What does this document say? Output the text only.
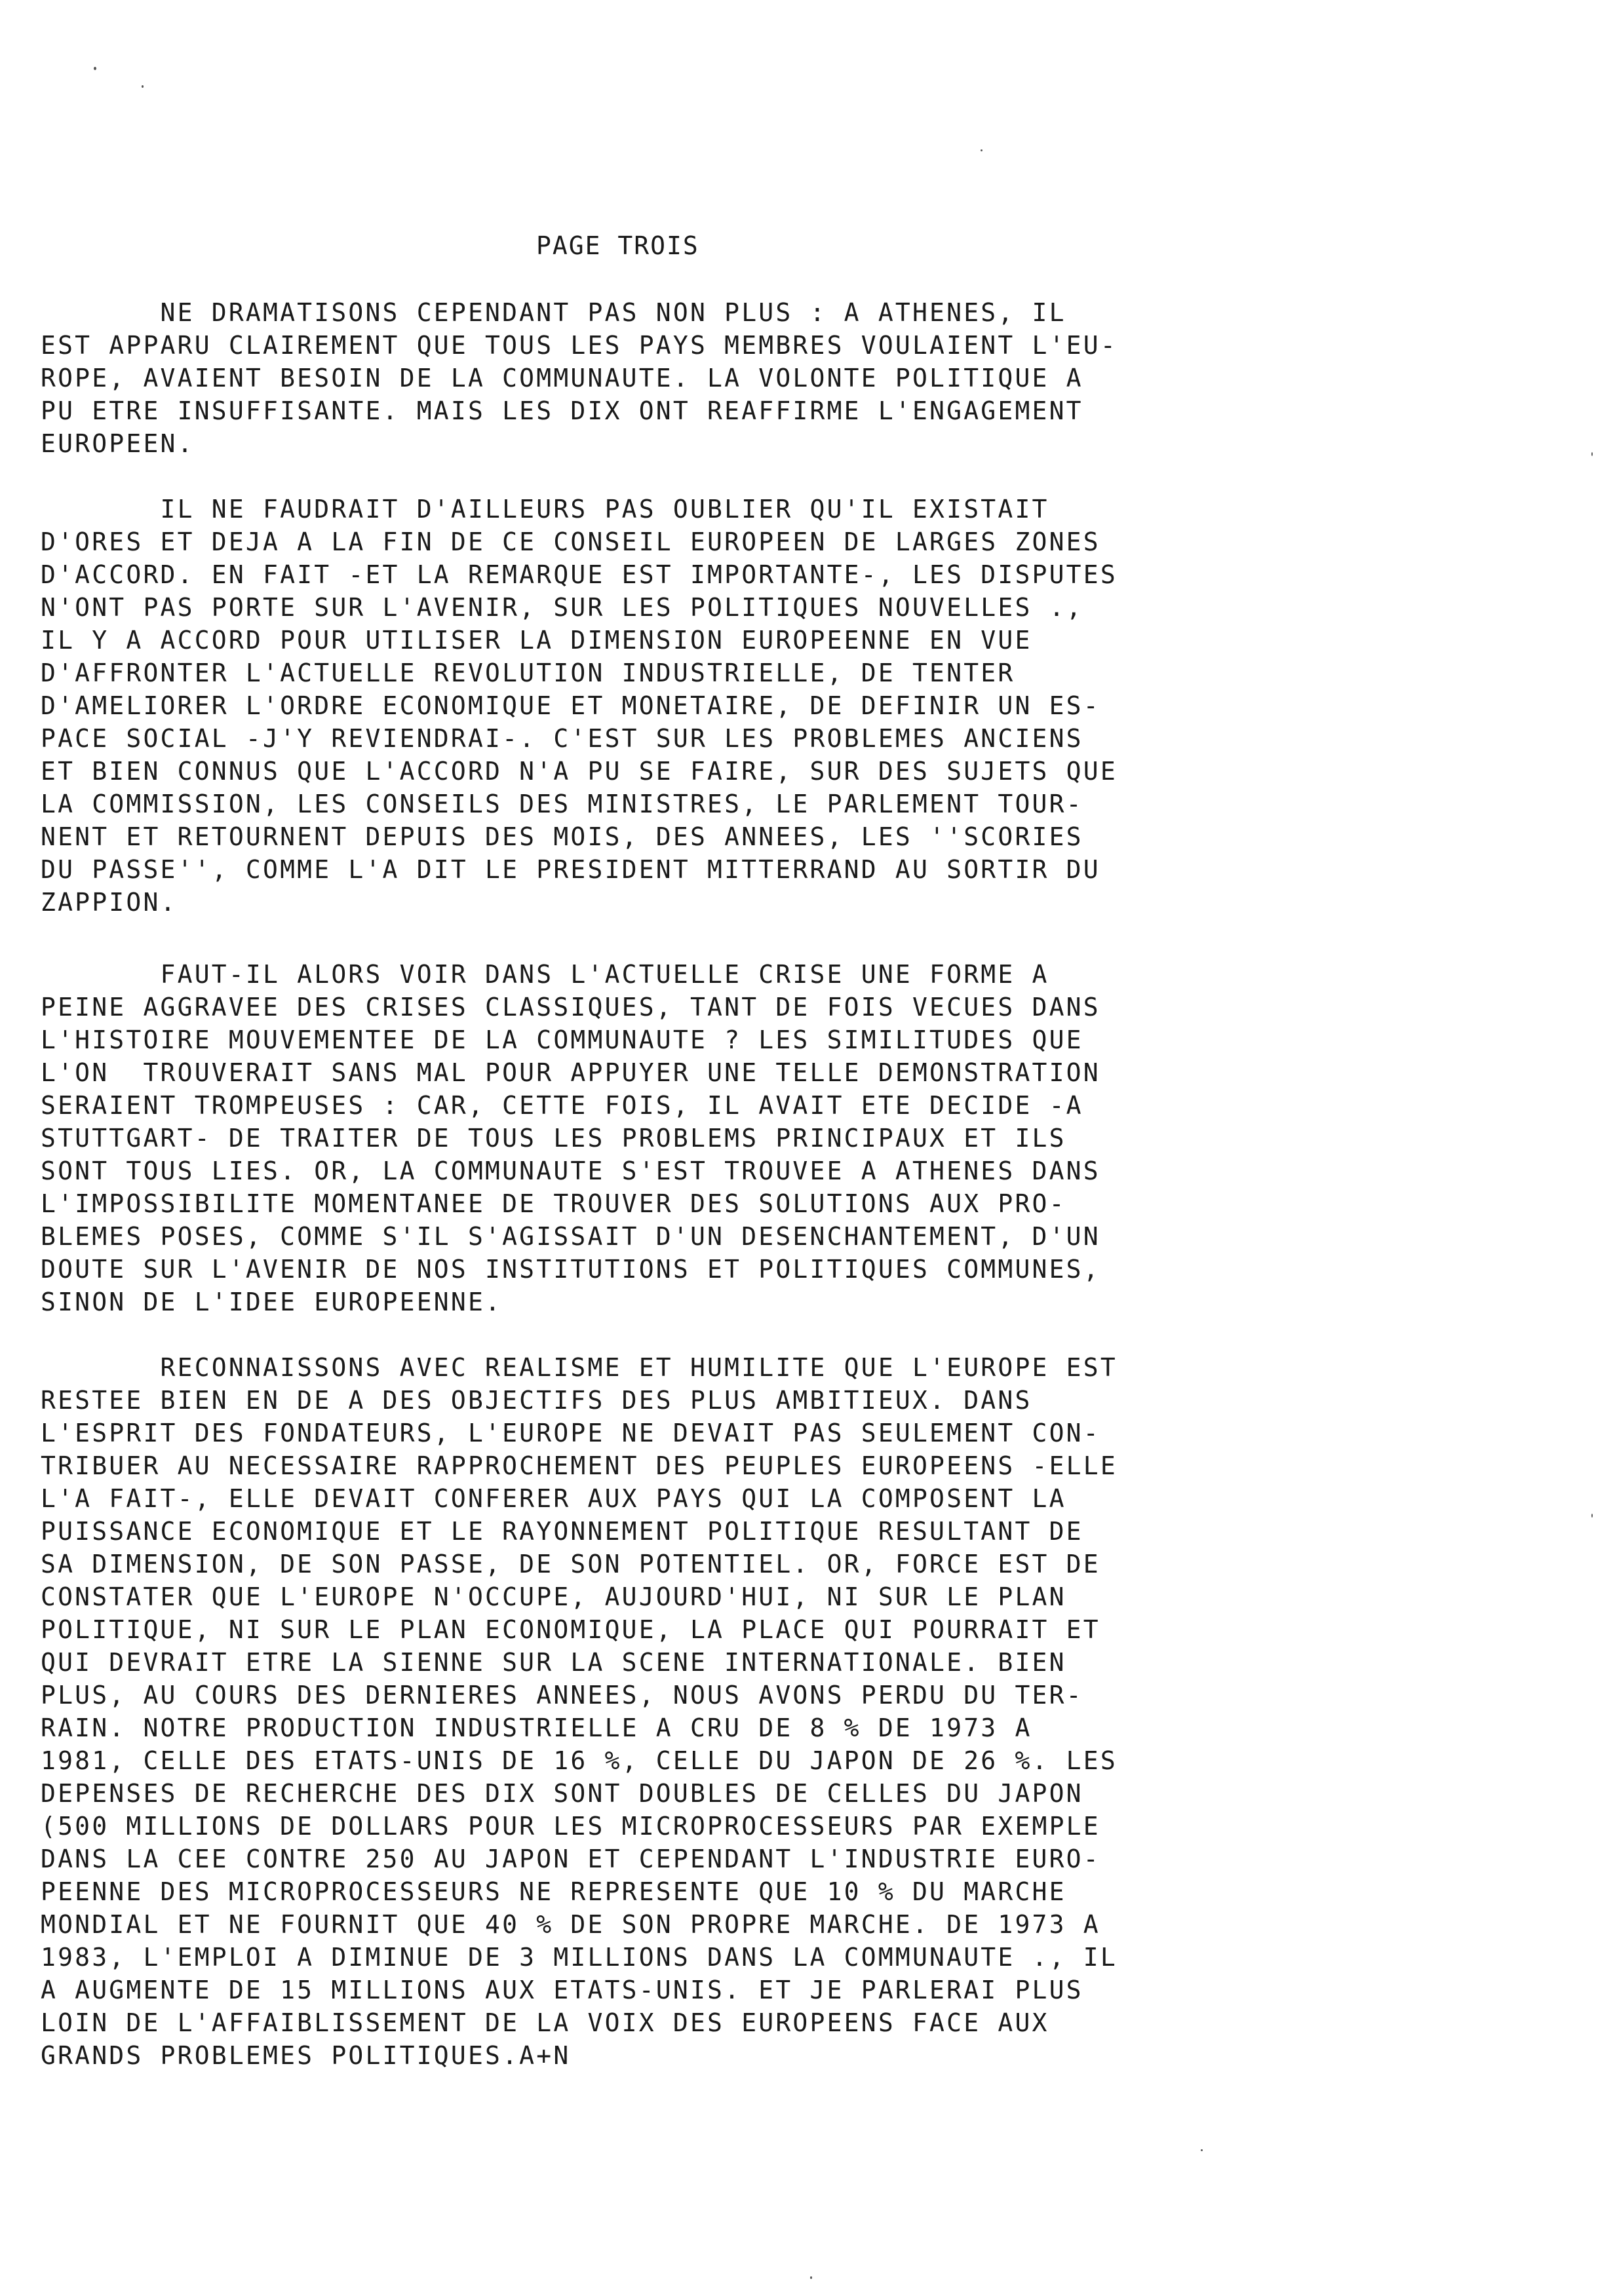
PAGE TROIS
NE DRAMATISONS CEPENDANT PAS NON PLUS : A ATHENES, IL
EST APPARU CLAIREMENT QUE TOUS LES PAYS MEMBRES VOULAIENT L'EU-
ROPE, AVAIENT BESOIN DE LA COMMUNAUTE. LA VOLONTE POLITIQUE A
PU ETRE INSUFFISANTE. MAIS LES DIX ONT REAFFIRME L'ENGAGEMENT
EUROPEEN.
IL NE FAUDRAIT D'AILLEURS PAS OUBLIER QU'IL EXISTAIT
D'ORES ET DEJA A LA FIN DE CE CONSEIL EUROPEEN DE LARGES ZONES
D'ACCORD. EN FAIT -ET LA REMARQUE EST IMPORTANTE-, LES DISPUTES
N'ONT PAS PORTE SUR L'AVENIR, SUR LES POLITIQUES NOUVELLES .,
IL Y A ACCORD POUR UTILISER LA DIMENSION EUROPEENNE EN VUE
D'AFFRONTER L'ACTUELLE REVOLUTION INDUSTRIELLE, DE TENTER
D'AMELIORER L'ORDRE ECONOMIQUE ET MONETAIRE, DE DEFINIR UN ES-
PACE SOCIAL -J'Y REVIENDRAI-. C'EST SUR LES PROBLEMES ANCIENS
ET BIEN CONNUS QUE L'ACCORD N'A PU SE FAIRE, SUR DES SUJETS QUE
LA COMMISSION, LES CONSEILS DES MINISTRES, LE PARLEMENT TOUR-
NENT ET RETOURNENT DEPUIS DES MOIS, DES ANNEES, LES ''SCORIES
DU PASSE'', COMME L'A DIT LE PRESIDENT MITTERRAND AU SORTIR DU
ZAPPION.
FAUT-IL ALORS VOIR DANS L'ACTUELLE CRISE UNE FORME A
PEINE AGGRAVEE DES CRISES CLASSIQUES, TANT DE FOIS VECUES DANS
L'HISTOIRE MOUVEMENTEE DE LA COMMUNAUTE ? LES SIMILITUDES QUE
L'ON  TROUVERAIT SANS MAL POUR APPUYER UNE TELLE DEMONSTRATION
SERAIENT TROMPEUSES : CAR, CETTE FOIS, IL AVAIT ETE DECIDE -A
STUTTGART- DE TRAITER DE TOUS LES PROBLEMS PRINCIPAUX ET ILS
SONT TOUS LIES. OR, LA COMMUNAUTE S'EST TROUVEE A ATHENES DANS
L'IMPOSSIBILITE MOMENTANEE DE TROUVER DES SOLUTIONS AUX PRO-
BLEMES POSES, COMME S'IL S'AGISSAIT D'UN DESENCHANTEMENT, D'UN
DOUTE SUR L'AVENIR DE NOS INSTITUTIONS ET POLITIQUES COMMUNES,
SINON DE L'IDEE EUROPEENNE.
RECONNAISSONS AVEC REALISME ET HUMILITE QUE L'EUROPE EST
RESTEE BIEN EN DE A DES OBJECTIFS DES PLUS AMBITIEUX. DANS
L'ESPRIT DES FONDATEURS, L'EUROPE NE DEVAIT PAS SEULEMENT CON-
TRIBUER AU NECESSAIRE RAPPROCHEMENT DES PEUPLES EUROPEENS -ELLE
L'A FAIT-, ELLE DEVAIT CONFERER AUX PAYS QUI LA COMPOSENT LA
PUISSANCE ECONOMIQUE ET LE RAYONNEMENT POLITIQUE RESULTANT DE
SA DIMENSION, DE SON PASSE, DE SON POTENTIEL. OR, FORCE EST DE
CONSTATER QUE L'EUROPE N'OCCUPE, AUJOURD'HUI, NI SUR LE PLAN
POLITIQUE, NI SUR LE PLAN ECONOMIQUE, LA PLACE QUI POURRAIT ET
QUI DEVRAIT ETRE LA SIENNE SUR LA SCENE INTERNATIONALE. BIEN
PLUS, AU COURS DES DERNIERES ANNEES, NOUS AVONS PERDU DU TER-
RAIN. NOTRE PRODUCTION INDUSTRIELLE A CRU DE 8 % DE 1973 A
1981, CELLE DES ETATS-UNIS DE 16 %, CELLE DU JAPON DE 26 %. LES
DEPENSES DE RECHERCHE DES DIX SONT DOUBLES DE CELLES DU JAPON
(500 MILLIONS DE DOLLARS POUR LES MICROPROCESSEURS PAR EXEMPLE
DANS LA CEE CONTRE 250 AU JAPON ET CEPENDANT L'INDUSTRIE EURO-
PEENNE DES MICROPROCESSEURS NE REPRESENTE QUE 10 % DU MARCHE
MONDIAL ET NE FOURNIT QUE 40 % DE SON PROPRE MARCHE. DE 1973 A
1983, L'EMPLOI A DIMINUE DE 3 MILLIONS DANS LA COMMUNAUTE ., IL
A AUGMENTE DE 15 MILLIONS AUX ETATS-UNIS. ET JE PARLERAI PLUS
LOIN DE L'AFFAIBLISSEMENT DE LA VOIX DES EUROPEENS FACE AUX
GRANDS PROBLEMES POLITIQUES.A+N
